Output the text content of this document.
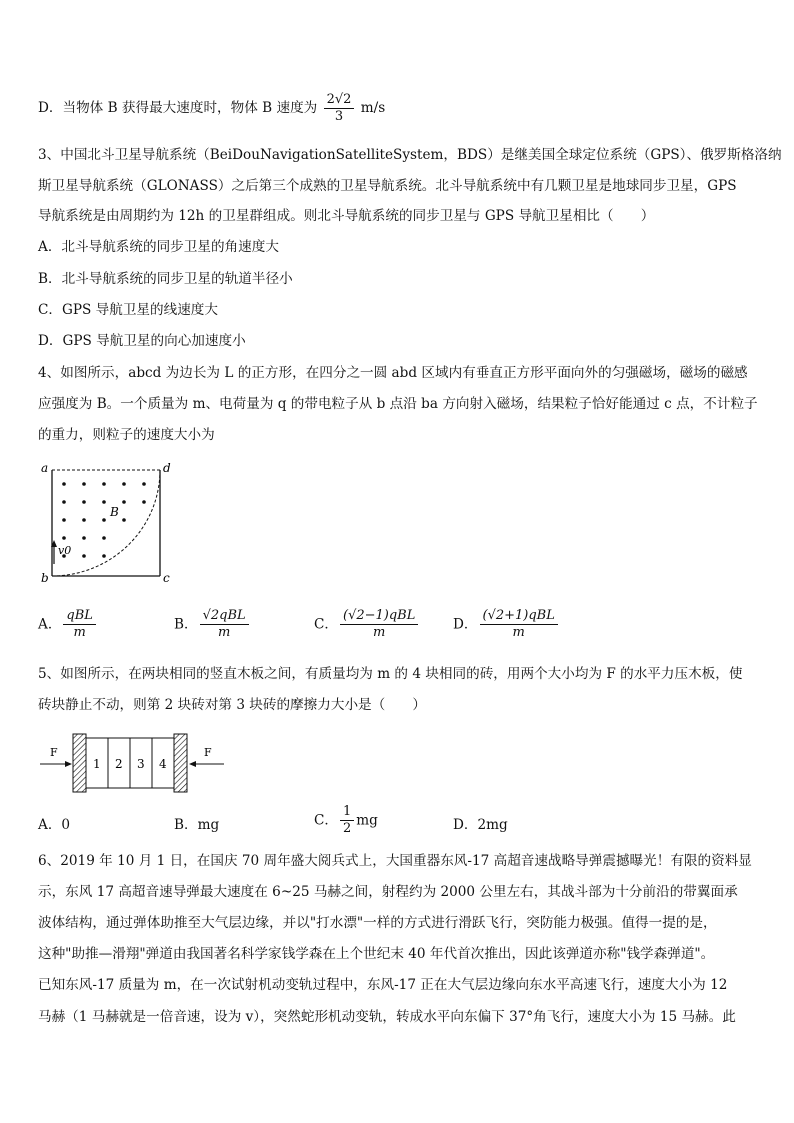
D．当物体 B 获得最大速度时，物体 B 速度为 $\frac{2√2}{3} m/s$
3、中国北斗卫星导航系统（BeiDouNavigationSatelliteSystem，BDS）是继美国全球定位系统（GPS）、俄罗斯格洛纳
斯卫星导航系统（GLONASS）之后第三个成熟的卫星导航系统。北斗导航系统中有几颗卫星是地球同步卫星，GPS
导航系统是由周期约为 12h 的卫星群组成。则北斗导航系统的同步卫星与 GPS 导航卫星相比（　　）
A．北斗导航系统的同步卫星的角速度大
B．北斗导航系统的同步卫星的轨道半径小
C．GPS 导航卫星的线速度大
D．GPS 导航卫星的向心加速度小
4、如图所示，abcd 为边长为 L 的正方形，在四分之一圆 abd 区域内有垂直正方形平面向外的匀强磁场，磁场的磁感
应强度为 B。一个质量为 m、电荷量为 q 的带电粒子从 b 点沿 ba 方向射入磁场，结果粒子恰好能通过 c 点，不计粒子
的重力，则粒子的速度大小为
a	d
b	c
B
v0
A． $\frac{\text{qBL}}{m}$	B． $\frac{\text{√2qBL}}{m}$	C． $\frac{\text{(√2−1)qBL}}{m}$	D． $\frac{\text{(√2+1)qBL}}{m}$
5、如图所示，在两块相同的竖直木板之间，有质量均为 m 的 4 块相同的砖，用两个大小均为 F 的水平力压木板，使
砖块静止不动，则第 2 块砖对第 3 块砖的摩擦力大小是（　　）
F
1 2 3 4
F
A．0	B．mg	C． $\frac{1}{2}$ mg	D．2mg
6、2019 年 10 月 1 日，在国庆 70 周年盛大阅兵式上，大国重器东风-17 高超音速战略导弹震撼曝光！有限的资料显
示，东风 17 高超音速导弹最大速度在 6~25 马赫之间，射程约为 2000 公里左右，其战斗部为十分前沿的带翼面承
波体结构，通过弹体助推至大气层边缘，并以"打水漂"一样的方式进行滑跃飞行，突防能力极强。值得一提的是，
这种"助推—滑翔"弹道由我国著名科学家钱学森在上个世纪末 40 年代首次推出，因此该弹道亦称"钱学森弹道"。
已知东风-17 质量为 m，在一次试射机动变轨过程中，东风-17 正在大气层边缘向东水平高速飞行，速度大小为 12
马赫（1 马赫就是一倍音速，设为 v），突然蛇形机动变轨，转成水平向东偏下 37°角飞行，速度大小为 15 马赫。此
